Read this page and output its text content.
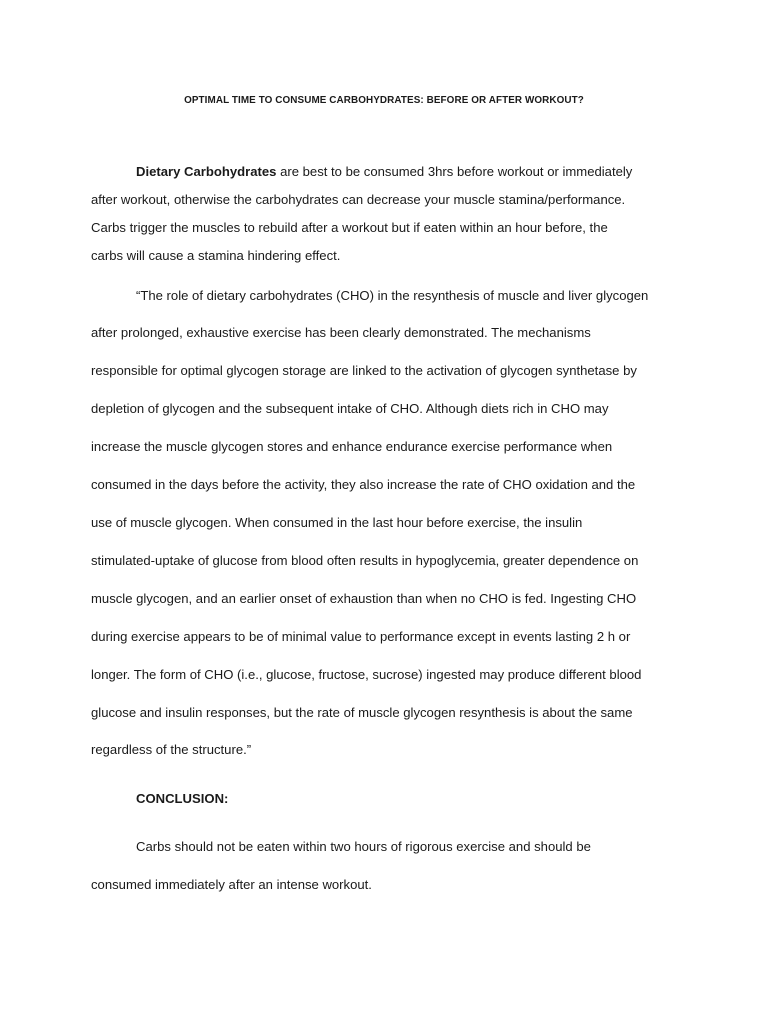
OPTIMAL TIME TO CONSUME CARBOHYDRATES: BEFORE OR AFTER WORKOUT?
Dietary Carbohydrates are best to be consumed 3hrs before workout or immediately
after workout, otherwise the carbohydrates can decrease your muscle stamina/performance.
Carbs trigger the muscles to rebuild after a workout but if eaten within an hour before, the
carbs will cause a stamina hindering effect.
“The role of dietary carbohydrates (CHO) in the resynthesis of muscle and liver glycogen
after prolonged, exhaustive exercise has been clearly demonstrated. The mechanisms
responsible for optimal glycogen storage are linked to the activation of glycogen synthetase by
depletion of glycogen and the subsequent intake of CHO. Although diets rich in CHO may
increase the muscle glycogen stores and enhance endurance exercise performance when
consumed in the days before the activity, they also increase the rate of CHO oxidation and the
use of muscle glycogen. When consumed in the last hour before exercise, the insulin
stimulated-uptake of glucose from blood often results in hypoglycemia, greater dependence on
muscle glycogen, and an earlier onset of exhaustion than when no CHO is fed. Ingesting CHO
during exercise appears to be of minimal value to performance except in events lasting 2 h or
longer. The form of CHO (i.e., glucose, fructose, sucrose) ingested may produce different blood
glucose and insulin responses, but the rate of muscle glycogen resynthesis is about the same
regardless of the structure.”
CONCLUSION:
Carbs should not be eaten within two hours of rigorous exercise and should be
consumed immediately after an intense workout.
